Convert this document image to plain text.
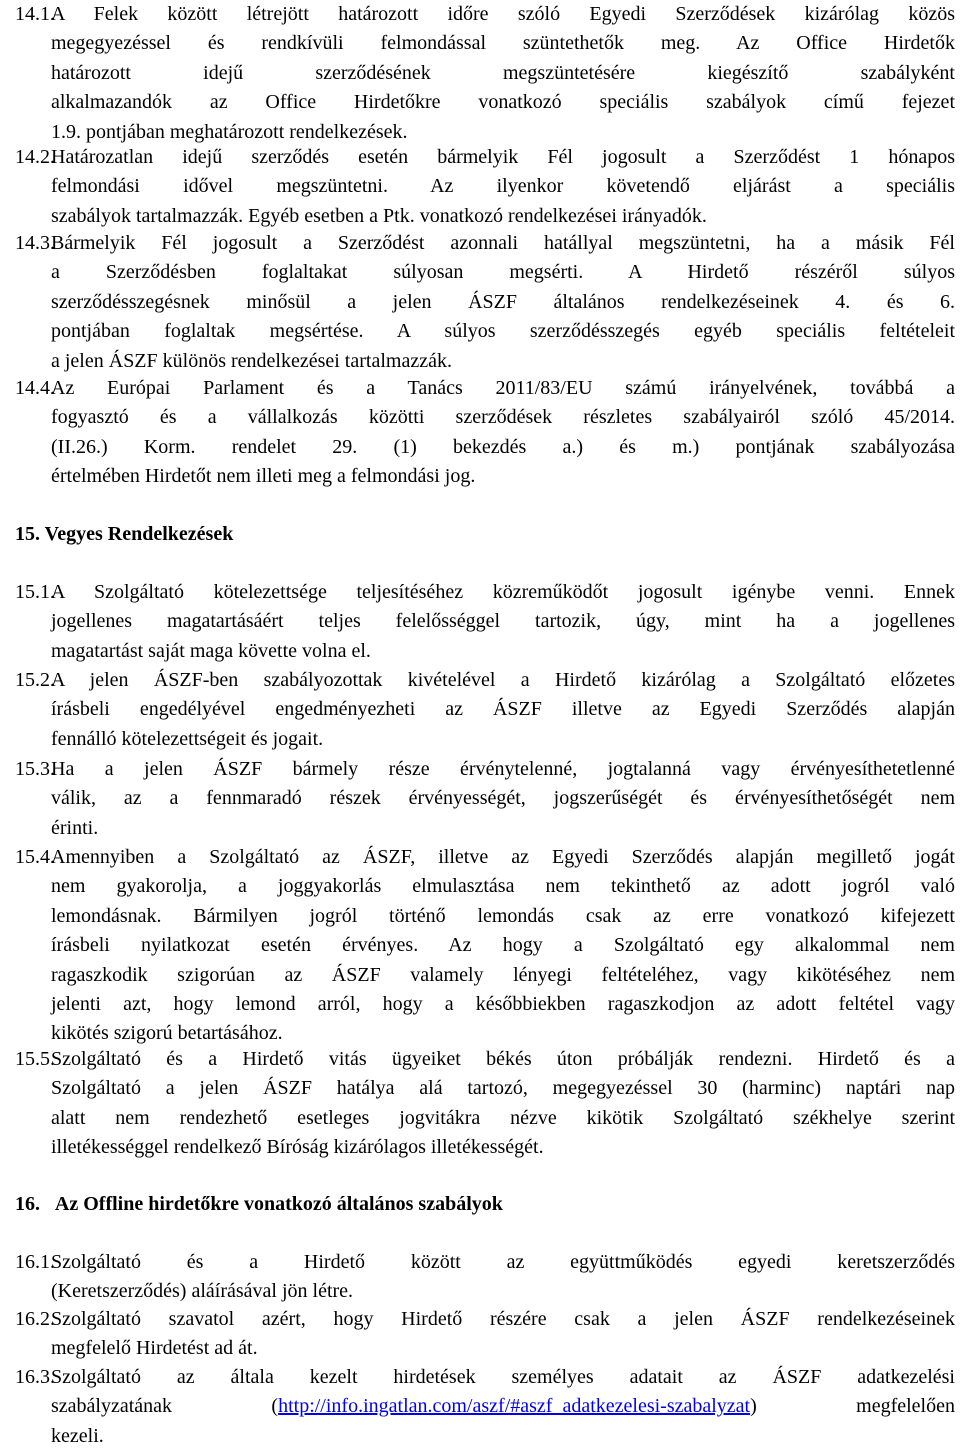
14.1.
A Felek között létrejött határozott időre szóló Egyedi Szerződések kizárólag közös
megegyezéssel és rendkívüli felmondással szüntethetők meg. Az Office Hirdetők
határozott idejű szerződésének megszüntetésére kiegészítő szabályként
alkalmazandók az Office Hirdetőkre vonatkozó speciális szabályok című fejezet
1.9. pontjában meghatározott rendelkezések.
14.2.
Határozatlan idejű szerződés esetén bármelyik Fél jogosult a Szerződést 1 hónapos
felmondási idővel megszüntetni. Az ilyenkor követendő eljárást a speciális
szabályok tartalmazzák. Egyéb esetben a Ptk. vonatkozó rendelkezései irányadók.
14.3.
Bármelyik Fél jogosult a Szerződést azonnali hatállyal megszüntetni, ha a másik Fél
a Szerződésben foglaltakat súlyosan megsérti. A Hirdető részéről súlyos
szerződésszegésnek minősül a jelen ÁSZF általános rendelkezéseinek 4. és 6.
pontjában foglaltak megsértése. A súlyos szerződésszegés egyéb speciális feltételeit
a jelen ÁSZF különös rendelkezései tartalmazzák.
14.4.
Az Európai Parlament és a Tanács 2011/83/EU számú irányelvének, továbbá a
fogyasztó és a vállalkozás közötti szerződések részletes szabályairól szóló 45/2014.
(II.26.) Korm. rendelet 29. (1) bekezdés a.) és m.) pontjának szabályozása
értelmében Hirdetőt nem illeti meg a felmondási jog.
15. Vegyes Rendelkezések
15.1.
A Szolgáltató kötelezettsége teljesítéséhez közreműködőt jogosult igénybe venni. Ennek
jogellenes magatartásáért teljes felelősséggel tartozik, úgy, mint ha a jogellenes
magatartást saját maga követte volna el.
15.2.
A jelen ÁSZF-ben szabályozottak kivételével a Hirdető kizárólag a Szolgáltató előzetes
írásbeli engedélyével engedményezheti az ÁSZF illetve az Egyedi Szerződés alapján
fennálló kötelezettségeit és jogait.
15.3.
Ha a jelen ÁSZF bármely része érvénytelenné, jogtalanná vagy érvényesíthetetlenné
válik, az a fennmaradó részek érvényességét, jogszerűségét és érvényesíthetőségét nem
érinti.
15.4.
Amennyiben a Szolgáltató az ÁSZF, illetve az Egyedi Szerződés alapján megillető jogát
nem gyakorolja, a joggyakorlás elmulasztása nem tekinthető az adott jogról való
lemondásnak. Bármilyen jogról történő lemondás csak az erre vonatkozó kifejezett
írásbeli nyilatkozat esetén érvényes. Az hogy a Szolgáltató egy alkalommal nem
ragaszkodik szigorúan az ÁSZF valamely lényegi feltételéhez, vagy kikötéséhez nem
jelenti azt, hogy lemond arról, hogy a későbbiekben ragaszkodjon az adott feltétel vagy
kikötés szigorú betartásához.
15.5.
Szolgáltató és a Hirdető vitás ügyeiket békés úton próbálják rendezni. Hirdető és a
Szolgáltató a jelen ÁSZF hatálya alá tartozó, megegyezéssel 30 (harminc) naptári nap
alatt nem rendezhető esetleges jogvitákra nézve kikötik Szolgáltató székhelye szerint
illetékességgel rendelkező Bíróság kizárólagos illetékességét.
16. Az Offline hirdetőkre vonatkozó általános szabályok
16.1.
Szolgáltató és a Hirdető között az együttműködés egyedi keretszerződés
(Keretszerződés) aláírásával jön létre.
16.2.
Szolgáltató szavatol azért, hogy Hirdető részére csak a jelen ÁSZF rendelkezéseinek
megfelelő Hirdetést ad át.
16.3.
Szolgáltató az általa kezelt hirdetések személyes adatait az ÁSZF adatkezelési
szabályzatának (http://info.ingatlan.com/aszf/#aszf_adatkezelesi-szabalyzat) megfelelően
kezeli.
